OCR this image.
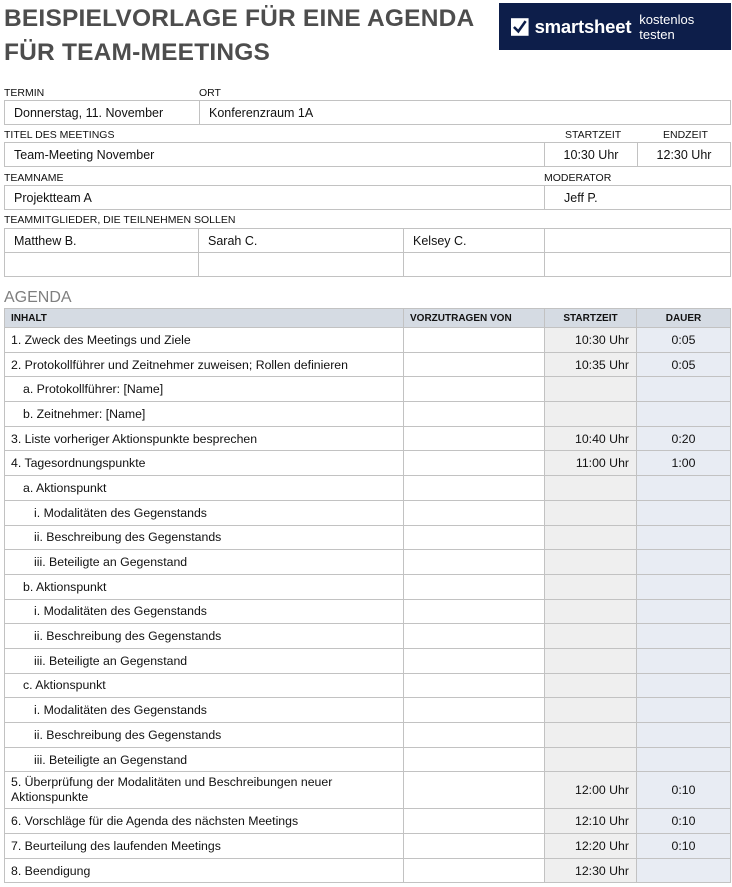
BEISPIELVORLAGE FÜR EINE AGENDA
FÜR TEAM-MEETINGS
smartsheet kostenlos testen
TERMIN	ORT
Donnerstag, 11. November	Konferenzraum 1A
TITEL DES MEETINGS	STARTZEIT	ENDZEIT
Team-Meeting November	10:30 Uhr	12:30 Uhr
TEAMNAME	MODERATOR
Projektteam A	Jeff P.
TEAMMITGLIEDER, DIE TEILNEHMEN SOLLEN
Matthew B.	Sarah C.	Kelsey C.	

AGENDA
INHALT	VORZUTRAGEN VON	STARTZEIT	DAUER
1. Zweck des Meetings und Ziele		10:30 Uhr	0:05
2. Protokollführer und Zeitnehmer zuweisen; Rollen definieren		10:35 Uhr	0:05
a. Protokollführer: [Name]			
b. Zeitnehmer: [Name]			
3. Liste vorheriger Aktionspunkte besprechen		10:40 Uhr	0:20
4. Tagesordnungspunkte		11:00 Uhr	1:00
a. Aktionspunkt			
i. Modalitäten des Gegenstands			
ii. Beschreibung des Gegenstands			
iii. Beteiligte an Gegenstand			
b. Aktionspunkt			
i. Modalitäten des Gegenstands			
ii. Beschreibung des Gegenstands			
iii. Beteiligte an Gegenstand			
c. Aktionspunkt			
i. Modalitäten des Gegenstands			
ii. Beschreibung des Gegenstands			
iii. Beteiligte an Gegenstand			
5. Überprüfung der Modalitäten und Beschreibungen neuer Aktionspunkte		12:00 Uhr	0:10
6. Vorschläge für die Agenda des nächsten Meetings		12:10 Uhr	0:10
7. Beurteilung des laufenden Meetings		12:20 Uhr	0:10
8. Beendigung		12:30 Uhr	
